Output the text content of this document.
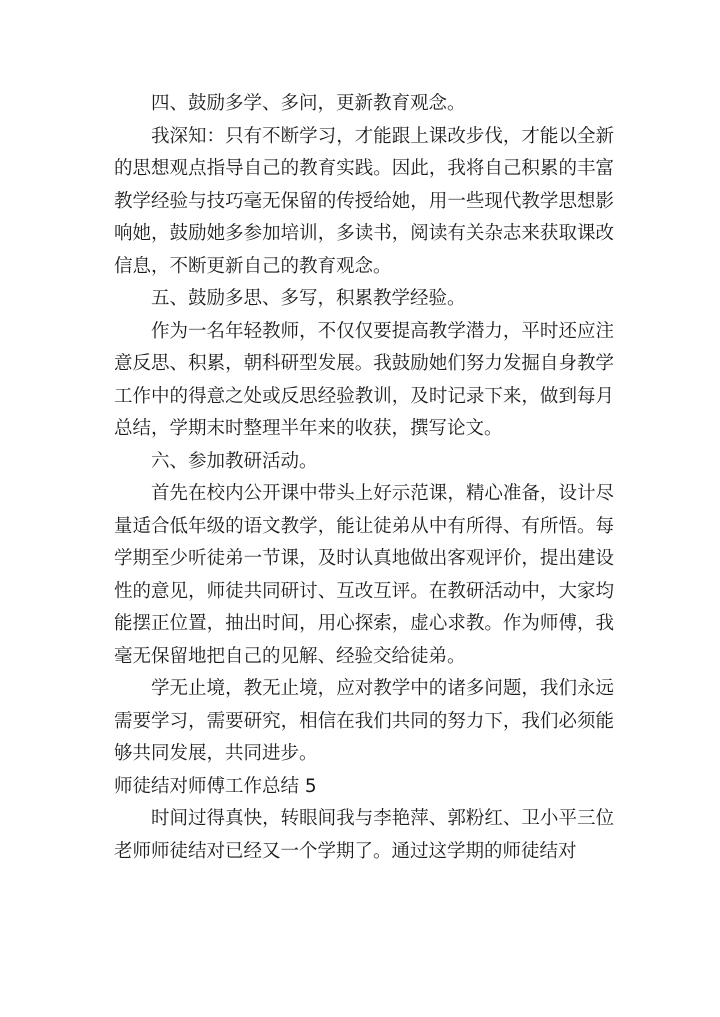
四、鼓励多学、多问，更新教育观念。

我深知：只有不断学习，才能跟上课改步伐，才能以全新的思想观点指导自己的教育实践。因此，我将自己积累的丰富教学经验与技巧毫无保留的传授给她，用一些现代教学思想影响她，鼓励她多参加培训，多读书，阅读有关杂志来获取课改信息，不断更新自己的教育观念。

五、鼓励多思、多写，积累教学经验。

作为一名年轻教师，不仅仅要提高教学潜力，平时还应注意反思、积累，朝科研型发展。我鼓励她们努力发掘自身教学工作中的得意之处或反思经验教训，及时记录下来，做到每月总结，学期末时整理半年来的收获，撰写论文。

六、参加教研活动。

首先在校内公开课中带头上好示范课，精心准备，设计尽量适合低年级的语文教学，能让徒弟从中有所得、有所悟。每学期至少听徒弟一节课，及时认真地做出客观评价，提出建设性的意见，师徒共同研讨、互改互评。在教研活动中，大家均能摆正位置，抽出时间，用心探索，虚心求教。作为师傅，我毫无保留地把自己的见解、经验交给徒弟。

学无止境，教无止境，应对教学中的诸多问题，我们永远需要学习，需要研究，相信在我们共同的努力下，我们必须能够共同发展，共同进步。

师徒结对师傅工作总结 5

时间过得真快，转眼间我与李艳萍、郭粉红、卫小平三位老师师徒结对已经又一个学期了。通过这学期的师徒结对
